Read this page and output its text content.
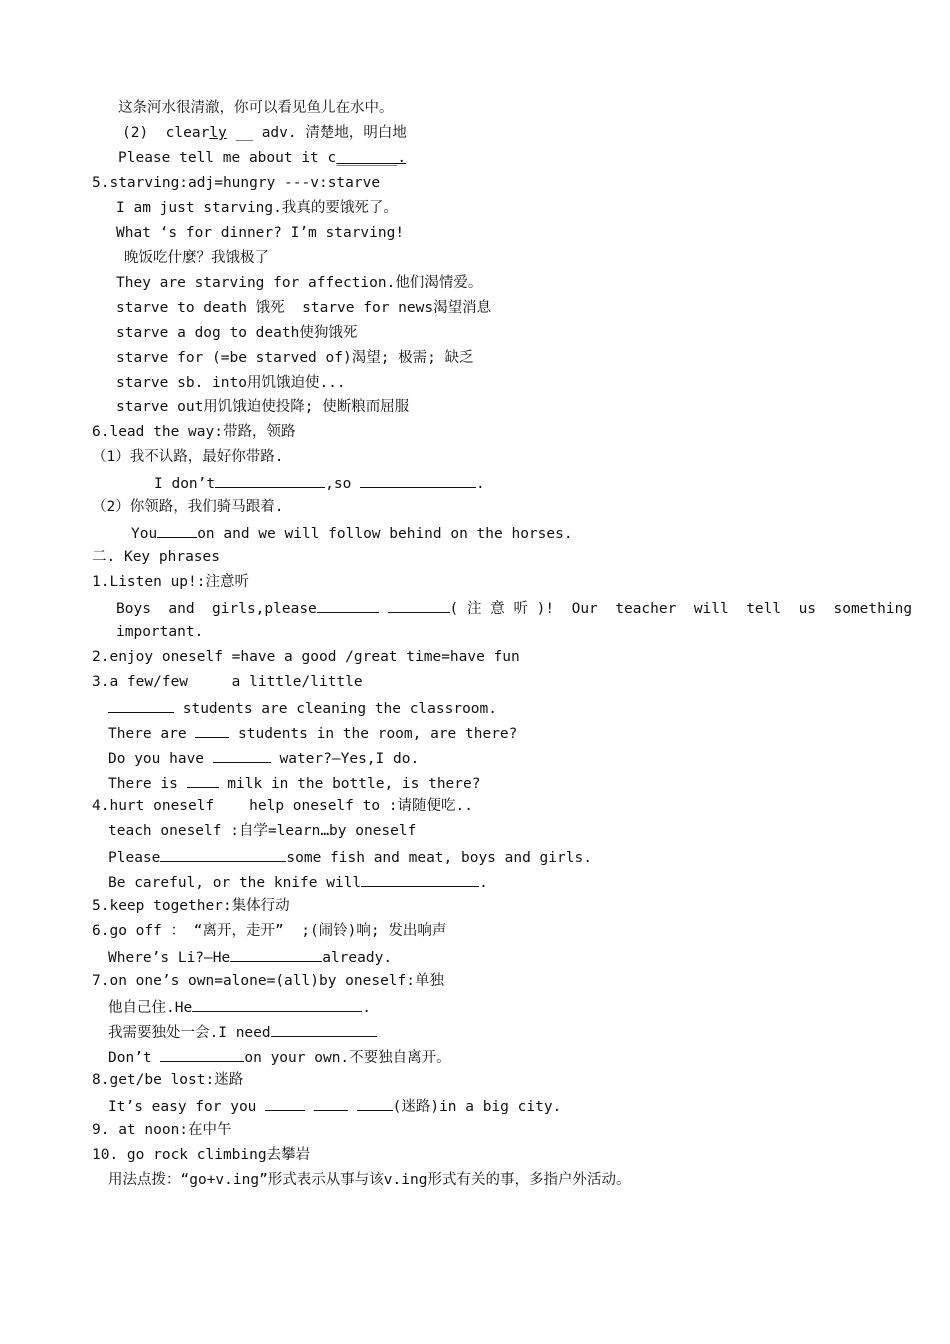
这条河水很清澈，你可以看见鱼儿在水中。
(2)  clearly __ adv. 清楚地，明白地
Please tell me about it c_______.
5.starving:adj=hungry ---v:starve
I am just starving.我真的要饿死了。
What ‘s for dinner? I’m starving!
晚饭吃什麼？我饿极了
They are starving for affection.他们渴情爱。
starve to death 饿死  starve for news渴望消息
starve a dog to death使狗饿死
starve for (=be starved of)渴望; 极需; 缺乏
starve sb. into用饥饿迫使...
starve out用饥饿迫使投降; 使断粮而屈服
6.lead the way:带路，领路
（1）我不认路，最好你带路.
I don’t	,so	.
（2）你领路，我们骑马跟着.
You	on and we will follow behind on the horses.
二. Key phrases
1.Listen up!:注意听
Boys  and  girls,please	( 注 意 听 )!  Our  teacher  will  tell  us  something
important.
2.enjoy oneself =have a good /great time=have fun
3.a few/few     a little/little
students are cleaning the classroom.
There are  students in the room, are there?
Do you have	water?—Yes,I do.
There is  milk in the bottle, is there?
4.hurt oneself    help oneself to :请随便吃..
teach oneself :自学=learn…by oneself
Please	some fish and meat, boys and girls.
Be careful, or the knife will	.
5.keep together:集体行动
6.go off ： “离开，走开”  ;(闹铃)响; 发出响声
Where’s Li?—He	already.
7.on one’s own=alone=(all)by oneself:单独
他自己住.He	.
我需要独处一会.I need
Don’t	on your own.不要独自离开。
8.get/be lost:迷路
It’s easy for you	(迷路)in a big city.
9. at noon:在中午
10. go rock climbing去攀岩
用法点拨：“go+v.ing”形式表示从事与该v.ing形式有关的事，多指户外活动。
